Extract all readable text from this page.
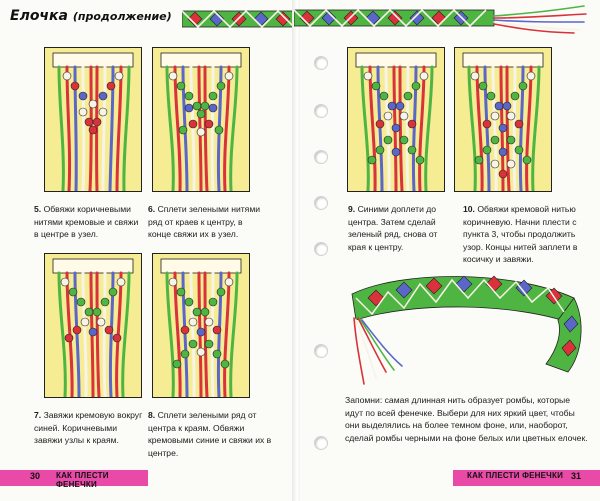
Елочка (продолжение)
5. Обвяжи коричневыми нитями кремовые и свяжи в центре в узел.
6. Сплети зелеными нитями ряд от краев к центру, в конце свяжи их в узел.
7. Завяжи кремовую вокруг синей. Коричневыми завяжи узлы к краям.
8. Сплети зелеными ряд от центра к краям. Обвяжи кремовыми синие и свяжи их в центре.
30 КАК ПЛЕСТИ ФЕНЕЧКИ
9. Синими доплети до центра. Затем сделай зеленый ряд, снова от края к центру.
10. Обвяжи кремовой нитью коричневую. Начни плести с пункта 3, чтобы продолжить узор. Концы нитей заплети в косичку и завяжи.
Запомни: самая длинная нить образует ромбы, которые идут по всей фенечке. Выбери для них яркий цвет, чтобы они выделялись на более темном фоне, или, наоборот, сделай ромбы черными на фоне белых или цветных елочек.
КАК ПЛЕСТИ ФЕНЕЧКИ 31
